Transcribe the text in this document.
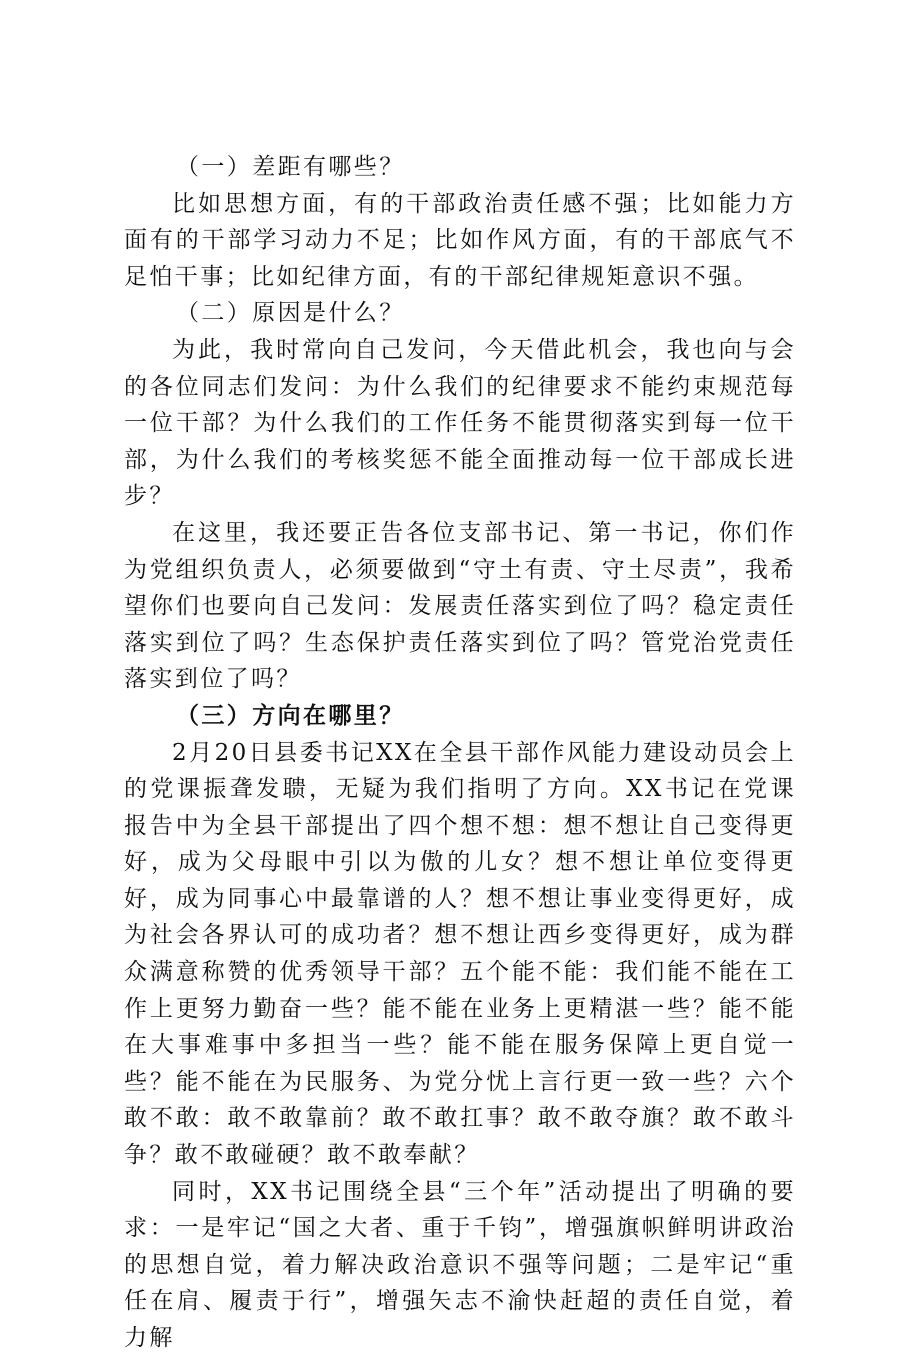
（一）差距有哪些？

比如思想方面，有的干部政治责任感不强；比如能力方面有的干部学习动力不足；比如作风方面，有的干部底气不足怕干事；比如纪律方面，有的干部纪律规矩意识不强。

（二）原因是什么？

为此，我时常向自己发问，今天借此机会，我也向与会的各位同志们发问：为什么我们的纪律要求不能约束规范每一位干部？为什么我们的工作任务不能贯彻落实到每一位干部，为什么我们的考核奖惩不能全面推动每一位干部成长进步？

在这里，我还要正告各位支部书记、第一书记，你们作为党组织负责人，必须要做到“守土有责、守土尽责”，我希望你们也要向自己发问：发展责任落实到位了吗？稳定责任落实到位了吗？生态保护责任落实到位了吗？管党治党责任落实到位了吗？

（三）方向在哪里？

2月20日县委书记XX在全县干部作风能力建设动员会上的党课振聋发聩，无疑为我们指明了方向。XX书记在党课报告中为全县干部提出了四个想不想：想不想让自己变得更好，成为父母眼中引以为傲的儿女？想不想让单位变得更好，成为同事心中最靠谱的人？想不想让事业变得更好，成为社会各界认可的成功者？想不想让西乡变得更好，成为群众满意称赞的优秀领导干部？五个能不能：我们能不能在工作上更努力勤奋一些？能不能在业务上更精湛一些？能不能在大事难事中多担当一些？能不能在服务保障上更自觉一些？能不能在为民服务、为党分忧上言行更一致一些？六个敢不敢：敢不敢靠前？敢不敢扛事？敢不敢夺旗？敢不敢斗争？敢不敢碰硬？敢不敢奉献？

同时，XX书记围绕全县“三个年”活动提出了明确的要求：一是牢记“国之大者、重于千钧”，增强旗帜鲜明讲政治的思想自觉，着力解决政治意识不强等问题；二是牢记“重任在肩、履责于行”，增强矢志不渝快赶超的责任自觉，着力解
